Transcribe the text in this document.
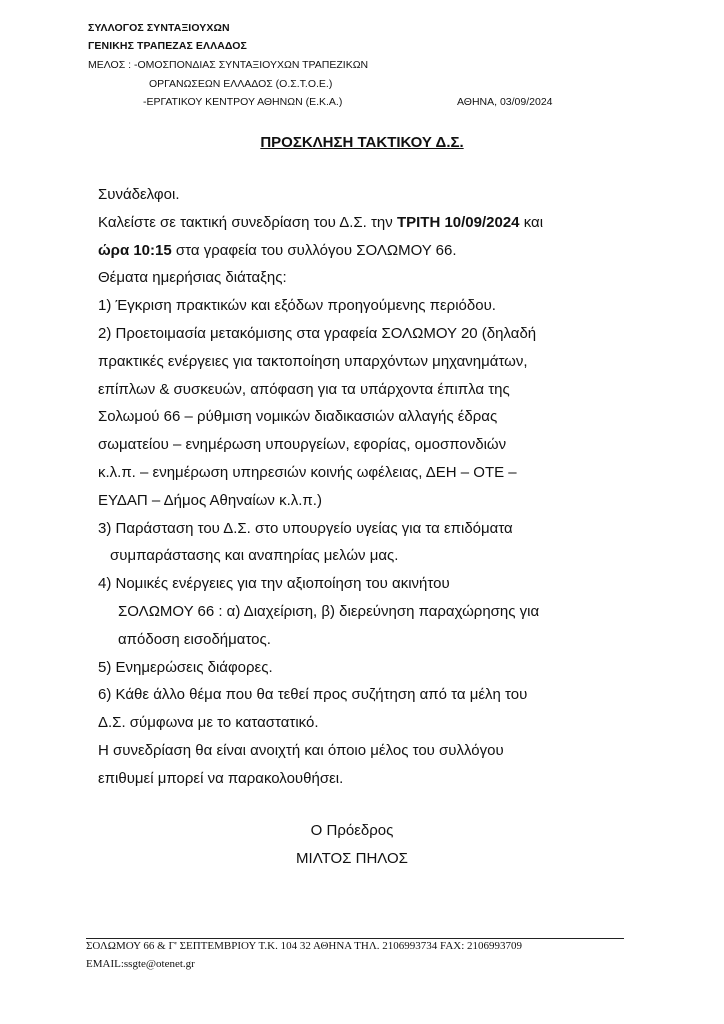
ΣΥΛΛΟΓΟΣ ΣΥΝΤΑΞΙΟΥΧΩΝ
ΓΕΝΙΚΗΣ ΤΡΑΠΕΖΑΣ ΕΛΛΑΔΟΣ
ΜΕΛΟΣ : -ΟΜΟΣΠΟΝΔΙΑΣ ΣΥΝΤΑΞΙΟΥΧΩΝ ΤΡΑΠΕΖΙΚΩΝ
ΟΡΓΑΝΩΣΕΩΝ ΕΛΛΑΔΟΣ (Ο.Σ.Τ.Ο.Ε.)
-ΕΡΓΑΤΙΚΟΥ ΚΕΝΤΡΟΥ ΑΘΗΝΩΝ (Ε.Κ.Α.)	ΑΘΗΝΑ, 03/09/2024
ΠΡΟΣΚΛΗΣΗ ΤΑΚΤΙΚΟΥ Δ.Σ.
Συνάδελφοι.
Καλείστε σε τακτική συνεδρίαση του Δ.Σ. την ΤΡΙΤΗ 10/09/2024 και
ώρα 10:15 στα γραφεία του συλλόγου ΣΟΛΩΜΟΥ 66.
Θέματα ημερήσιας διάταξης:
1) Έγκριση πρακτικών και εξόδων προηγούμενης περιόδου.
2) Προετοιμασία μετακόμισης στα γραφεία ΣΟΛΩΜΟΥ 20 (δηλαδή
πρακτικές ενέργειες για τακτοποίηση υπαρχόντων μηχανημάτων,
επίπλων & συσκευών, απόφαση για τα υπάρχοντα έπιπλα της
Σολωμού 66 – ρύθμιση νομικών διαδικασιών αλλαγής έδρας
σωματείου – ενημέρωση υπουργείων, εφορίας, ομοσπονδιών
κ.λ.π. – ενημέρωση υπηρεσιών κοινής ωφέλειας, ΔΕΗ – ΟΤΕ –
ΕΥΔΑΠ – Δήμος Αθηναίων κ.λ.π.)
3) Παράσταση του Δ.Σ. στο υπουργείο υγείας για τα επιδόματα
συμπαράστασης και αναπηρίας μελών μας.
4) Νομικές ενέργειες για την αξιοποίηση του ακινήτου
ΣΟΛΩΜΟΥ 66 : α) Διαχείριση, β) διερεύνηση παραχώρησης για
απόδοση εισοδήματος.
5) Ενημερώσεις διάφορες.
6) Κάθε άλλο θέμα που θα τεθεί προς συζήτηση από τα μέλη του
Δ.Σ. σύμφωνα με το καταστατικό.
Η συνεδρίαση θα είναι ανοιχτή και όποιο μέλος του συλλόγου
επιθυμεί μπορεί να παρακολουθήσει.
Ο Πρόεδρος
ΜΙΛΤΟΣ ΠΗΛΟΣ
ΣΟΛΩΜΟΥ 66 & Γ' ΣΕΠΤΕΜΒΡΙΟΥ Τ.Κ. 104 32 ΑΘΗΝΑ ΤΗΛ. 2106993734 FAX: 2106993709
EMAIL:ssgte@otenet.gr
